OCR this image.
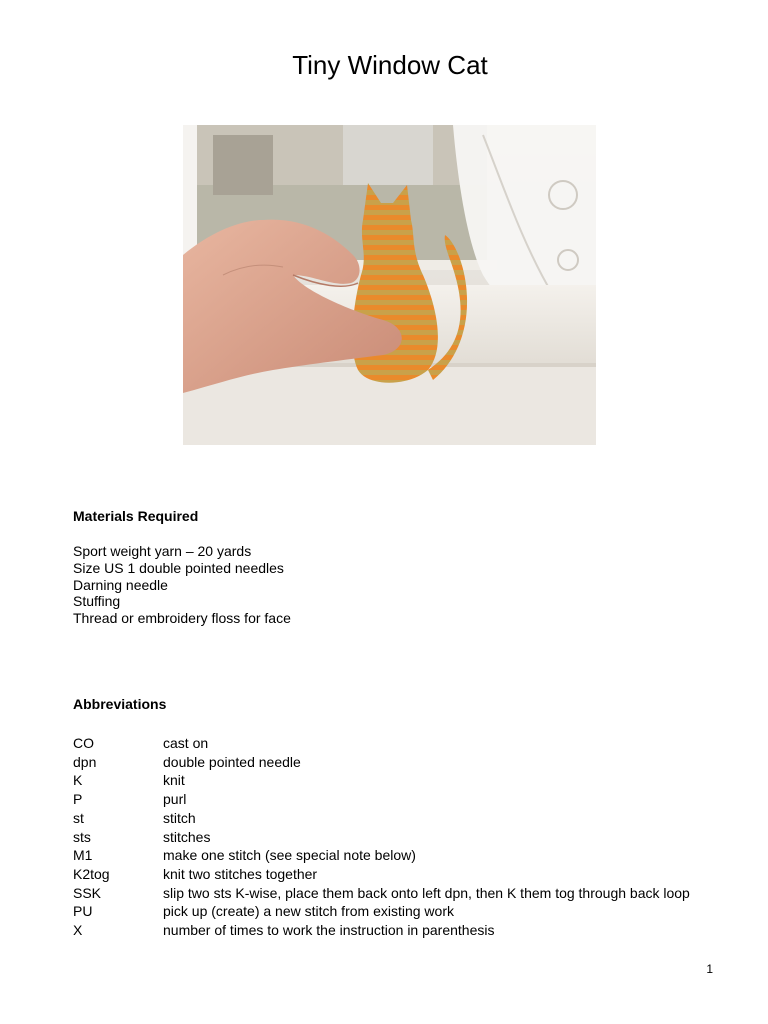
Tiny Window Cat
Materials Required
Sport weight yarn – 20 yards
Size US 1 double pointed needles
Darning needle
Stuffing
Thread or embroidery floss for face
Abbreviations
CO	cast on
dpn	double pointed needle
K	knit
P	purl
st	stitch
sts	stitches
M1	make one stitch (see special note below)
K2tog	knit two stitches together
SSK	slip two sts K-wise, place them back onto left dpn, then K them tog through back loop
PU	pick up (create) a new stitch from existing work
X	number of times to work the instruction in parenthesis
1
